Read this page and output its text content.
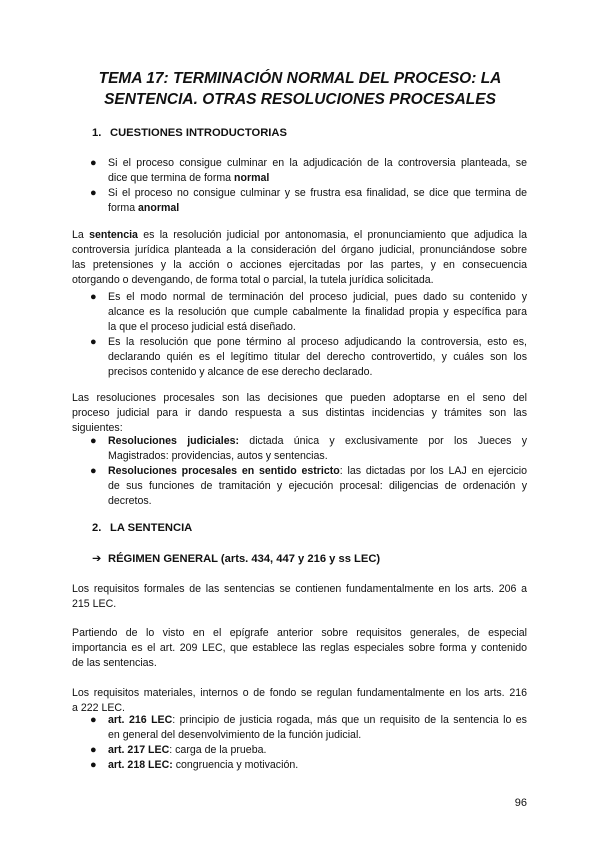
TEMA 17: TERMINACIÓN NORMAL DEL PROCESO: LA
SENTENCIA. OTRAS RESOLUCIONES PROCESALES
1. CUESTIONES INTRODUCTORIAS
● Si el proceso consigue culminar en la adjudicación de la controversia planteada, se
dice que termina de forma normal
● Si el proceso no consigue culminar y se frustra esa finalidad, se dice que termina de
forma anormal
La sentencia es la resolución judicial por antonomasia, el pronunciamiento que adjudica la
controversia jurídica planteada a la consideración del órgano judicial, pronunciándose sobre
las pretensiones y la acción o acciones ejercitadas por las partes, y en consecuencia
otorgando o devengando, de forma total o parcial, la tutela jurídica solicitada.
● Es el modo normal de terminación del proceso judicial, pues dado su contenido y
alcance es la resolución que cumple cabalmente la finalidad propia y específica para
la que el proceso judicial está diseñado.
● Es la resolución que pone término al proceso adjudicando la controversia, esto es,
declarando quién es el legítimo titular del derecho controvertido, y cuáles son los
precisos contenido y alcance de ese derecho declarado.
Las resoluciones procesales son las decisiones que pueden adoptarse en el seno del
proceso judicial para ir dando respuesta a sus distintas incidencias y trámites son las
siguientes:
● Resoluciones judiciales: dictada única y exclusivamente por los Jueces y
Magistrados: providencias, autos y sentencias.
● Resoluciones procesales en sentido estricto: las dictadas por los LAJ en ejercicio
de sus funciones de tramitación y ejecución procesal: diligencias de ordenación y
decretos.
2. LA SENTENCIA
➔ RÉGIMEN GENERAL (arts. 434, 447 y 216 y ss LEC)
Los requisitos formales de las sentencias se contienen fundamentalmente en los arts. 206 a
215 LEC.
Partiendo de lo visto en el epígrafe anterior sobre requisitos generales, de especial
importancia es el art. 209 LEC, que establece las reglas especiales sobre forma y contenido
de las sentencias.
Los requisitos materiales, internos o de fondo se regulan fundamentalmente en los arts. 216
a 222 LEC.
● art. 216 LEC: principio de justicia rogada, más que un requisito de la sentencia lo es
en general del desenvolvimiento de la función judicial.
● art. 217 LEC: carga de la prueba.
● art. 218 LEC: congruencia y motivación.
96
